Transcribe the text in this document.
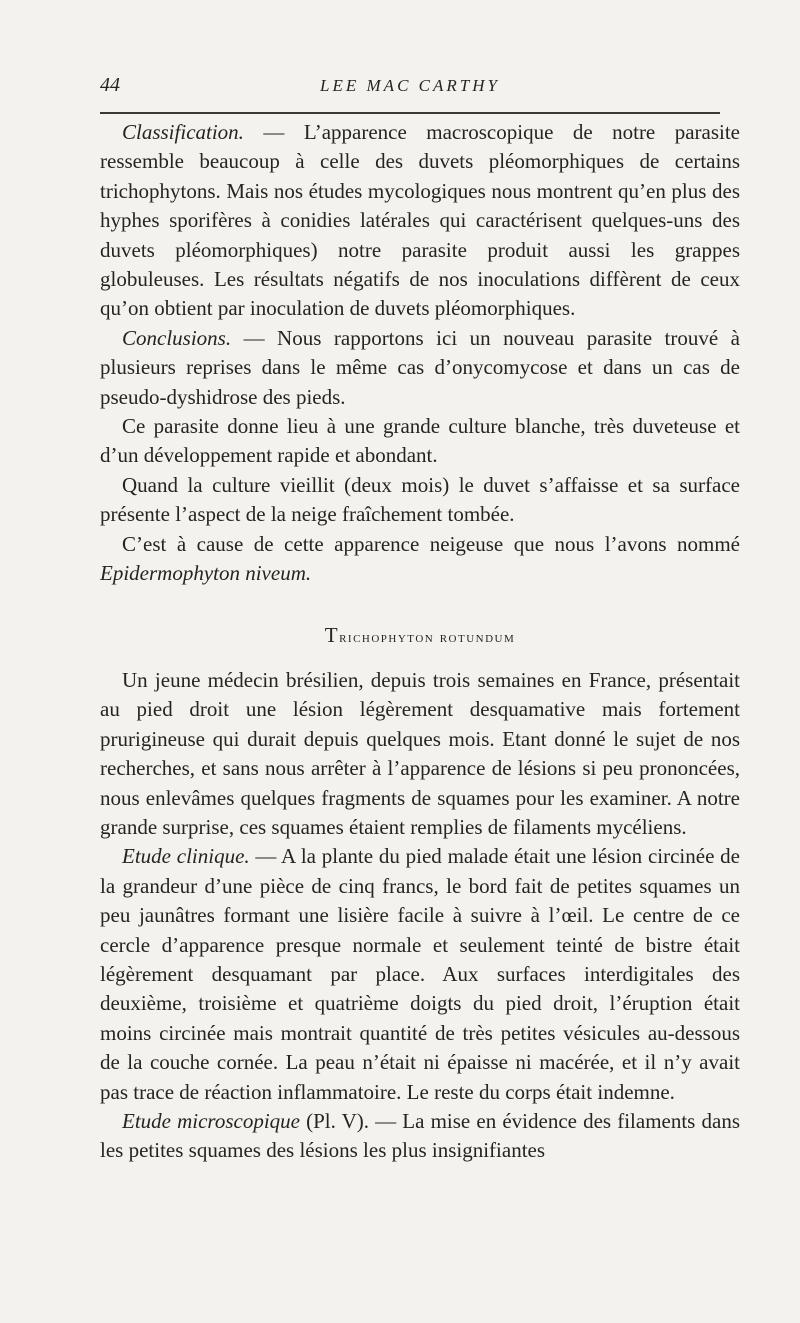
44	LEE MAC CARTHY

Classification. — L’apparence macroscopique de notre parasite ressemble beaucoup à celle des duvets pléomorphiques de certains trichophytons. Mais nos études mycologiques nous montrent qu’en plus des hyphes sporifères à conidies latérales qui caractérisent quelques-uns des duvets pléomorphiques) notre parasite produit aussi les grappes globuleuses. Les résultats négatifs de nos inoculations diffèrent de ceux qu’on obtient par inoculation de duvets pléomorphiques.

Conclusions. — Nous rapportons ici un nouveau parasite trouvé à plusieurs reprises dans le même cas d’onycomycose et dans un cas de pseudo-dyshidrose des pieds.

Ce parasite donne lieu à une grande culture blanche, très duveteuse et d’un développement rapide et abondant.

Quand la culture vieillit (deux mois) le duvet s’affaisse et sa surface présente l’aspect de la neige fraîchement tombée.

C’est à cause de cette apparence neigeuse que nous l’avons nommé Epidermophyton niveum.

Trichophyton rotundum

Un jeune médecin brésilien, depuis trois semaines en France, présentait au pied droit une lésion légèrement desquamative mais fortement prurigineuse qui durait depuis quelques mois. Etant donné le sujet de nos recherches, et sans nous arrêter à l’apparence de lésions si peu prononcées, nous enlevâmes quelques fragments de squames pour les examiner. A notre grande surprise, ces squames étaient remplies de filaments mycéliens.

Etude clinique. — A la plante du pied malade était une lésion circinée de la grandeur d’une pièce de cinq francs, le bord fait de petites squames un peu jaunâtres formant une lisière facile à suivre à l’œil. Le centre de ce cercle d’apparence presque normale et seulement teinté de bistre était légèrement desquamant par place. Aux surfaces interdigitales des deuxième, troisième et quatrième doigts du pied droit, l’éruption était moins circinée mais montrait quantité de très petites vésicules au-dessous de la couche cornée. La peau n’était ni épaisse ni macérée, et il n’y avait pas trace de réaction inflammatoire. Le reste du corps était indemne.

Etude microscopique (Pl. V). — La mise en évidence des filaments dans les petites squames des lésions les plus insignifiantes
